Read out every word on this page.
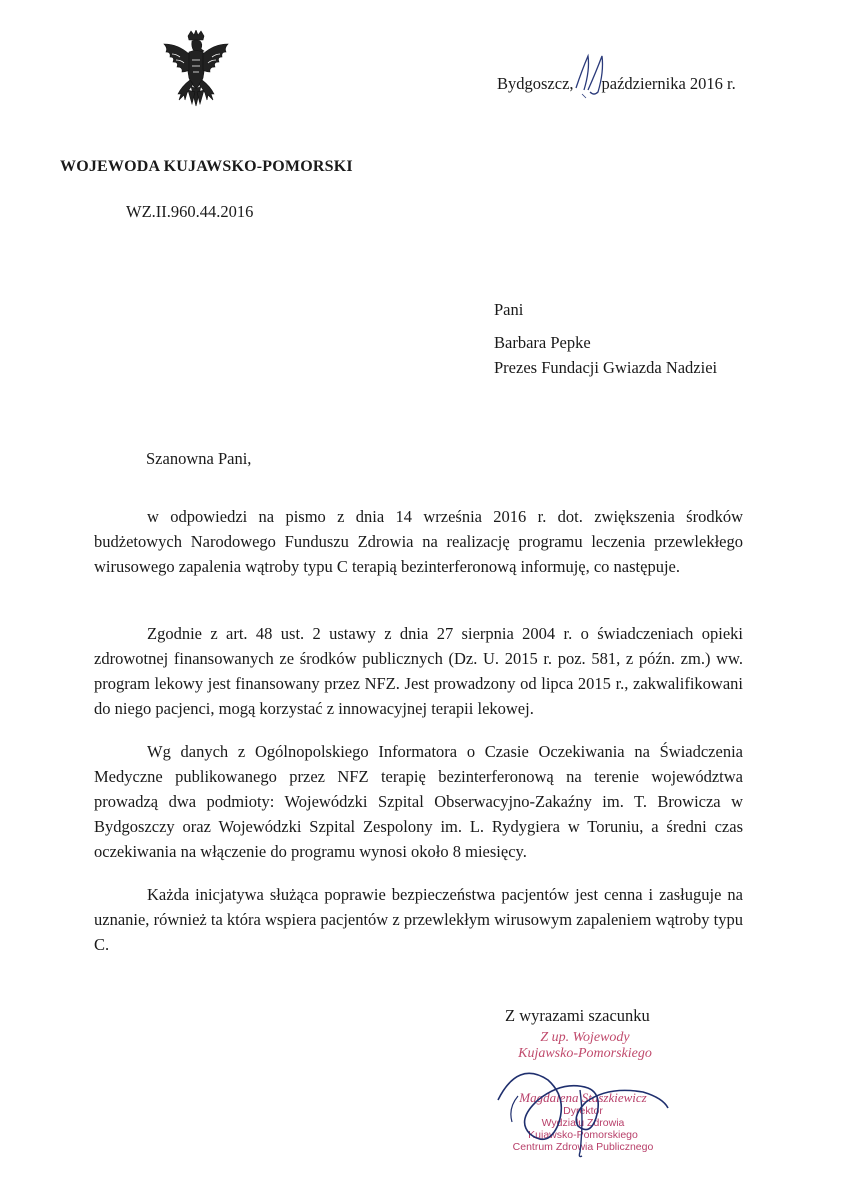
Bydgoszcz, października 2016 r.
WOJEWODA KUJAWSKO-POMORSKI
WZ.II.960.44.2016
Pani
Barbara Pepke
Prezes Fundacji Gwiazda Nadziei
Szanowna Pani,

w odpowiedzi na pismo z dnia 14 września 2016 r. dot. zwiększenia środków budżetowych Narodowego Funduszu Zdrowia na realizację programu leczenia przewlekłego wirusowego zapalenia wątroby typu C terapią bezinterferonową informuję, co następuje.

Zgodnie z art. 48 ust. 2 ustawy z dnia 27 sierpnia 2004 r. o świadczeniach opieki zdrowotnej finansowanych ze środków publicznych (Dz. U. 2015 r. poz. 581, z późn. zm.) ww. program lekowy jest finansowany przez NFZ. Jest prowadzony od lipca 2015 r., zakwalifikowani do niego pacjenci, mogą korzystać z innowacyjnej terapii lekowej.

Wg danych z Ogólnopolskiego Informatora o Czasie Oczekiwania na Świadczenia Medyczne publikowanego przez NFZ terapię bezinterferonową na terenie województwa prowadzą dwa podmioty: Wojewódzki Szpital Obserwacyjno-Zakaźny im. T. Browicza w Bydgoszczy oraz Wojewódzki Szpital Zespolony im. L. Rydygiera w Toruniu, a średni czas oczekiwania na włączenie do programu wynosi około 8 miesięcy.

Każda inicjatywa służąca poprawie bezpieczeństwa pacjentów jest cenna i zasługuje na uznanie, również ta która wspiera pacjentów z przewlekłym wirusowym zapaleniem wątroby typu C.

Z wyrazami szacunku
Z up. Wojewody
Kujawsko-Pomorskiego
Magdalena Staszkiewicz
Dyrektor
Wydziału Zdrowia
Kujawsko-Pomorskiego
Centrum Zdrowia Publicznego
